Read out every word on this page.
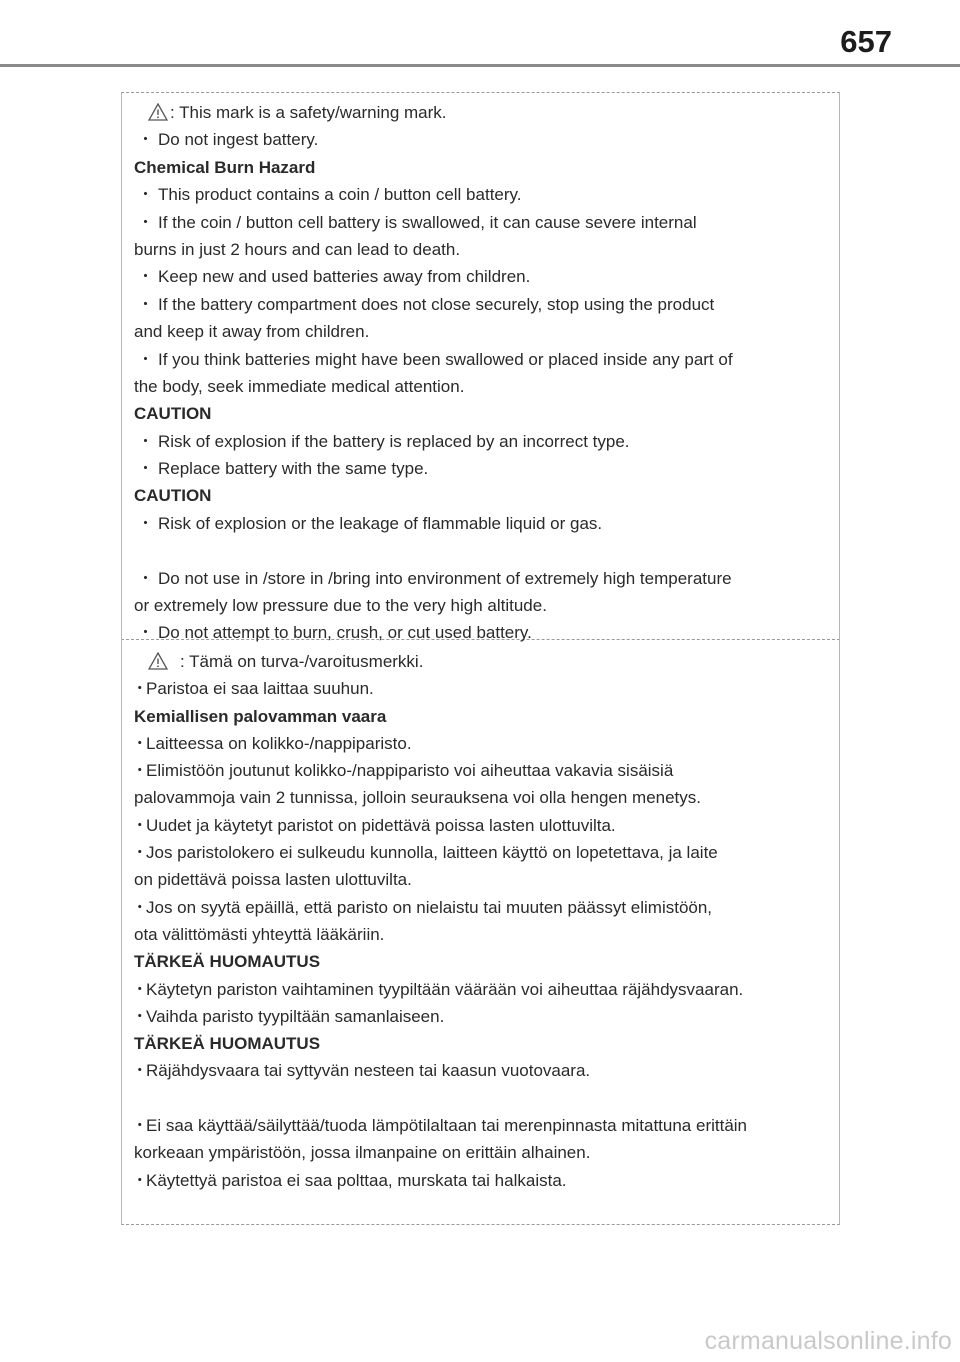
657
: This mark is a safety/warning mark.
・ Do not ingest battery.
Chemical Burn Hazard
・ This product contains a coin / button cell battery.
・ If the coin / button cell battery is swallowed, it can cause severe internal
burns in just 2 hours and can lead to death.
・ Keep new and used batteries away from children.
・ If the battery compartment does not close securely, stop using the product
and keep it away from children.
・ If you think batteries might have been swallowed or placed inside any part of
the body, seek immediate medical attention.
CAUTION
・ Risk of explosion if the battery is replaced by an incorrect type.
・ Replace battery with the same type.
CAUTION
・ Risk of explosion or the leakage of flammable liquid or gas.
・ Do not use in /store in /bring into environment of extremely high temperature
or extremely low pressure due to the very high altitude.
・ Do not attempt to burn, crush, or cut used battery.
: Tämä on turva-/varoitusmerkki.
･ Paristoa ei saa laittaa suuhun.
Kemiallisen palovamman vaara
･ Laitteessa on kolikko-/nappiparisto.
･ Elimistöön joutunut kolikko-/nappiparisto voi aiheuttaa vakavia sisäisiä
palovammoja vain 2 tunnissa, jolloin seurauksena voi olla hengen menetys.
･ Uudet ja käytetyt paristot on pidettävä poissa lasten ulottuvilta.
･ Jos paristolokero ei sulkeudu kunnolla, laitteen käyttö on lopetettava, ja laite
on pidettävä poissa lasten ulottuvilta.
･ Jos on syytä epäillä, että paristo on nielaistu tai muuten päässyt elimistöön,
ota välittömästi yhteyttä lääkäriin.
TÄRKEÄ HUOMAUTUS
･ Käytetyn pariston vaihtaminen tyypiltään väärään voi aiheuttaa räjähdysvaaran.
･ Vaihda paristo tyypiltään samanlaiseen.
TÄRKEÄ HUOMAUTUS
･ Räjähdysvaara tai syttyvän nesteen tai kaasun vuotovaara.
･ Ei saa käyttää/säilyttää/tuoda lämpötilaltaan tai merenpinnasta mitattuna erittäin
korkeaan ympäristöön, jossa ilmanpaine on erittäin alhainen.
･ Käytettyä paristoa ei saa polttaa, murskata tai halkaista.
carmanualsonline.info
